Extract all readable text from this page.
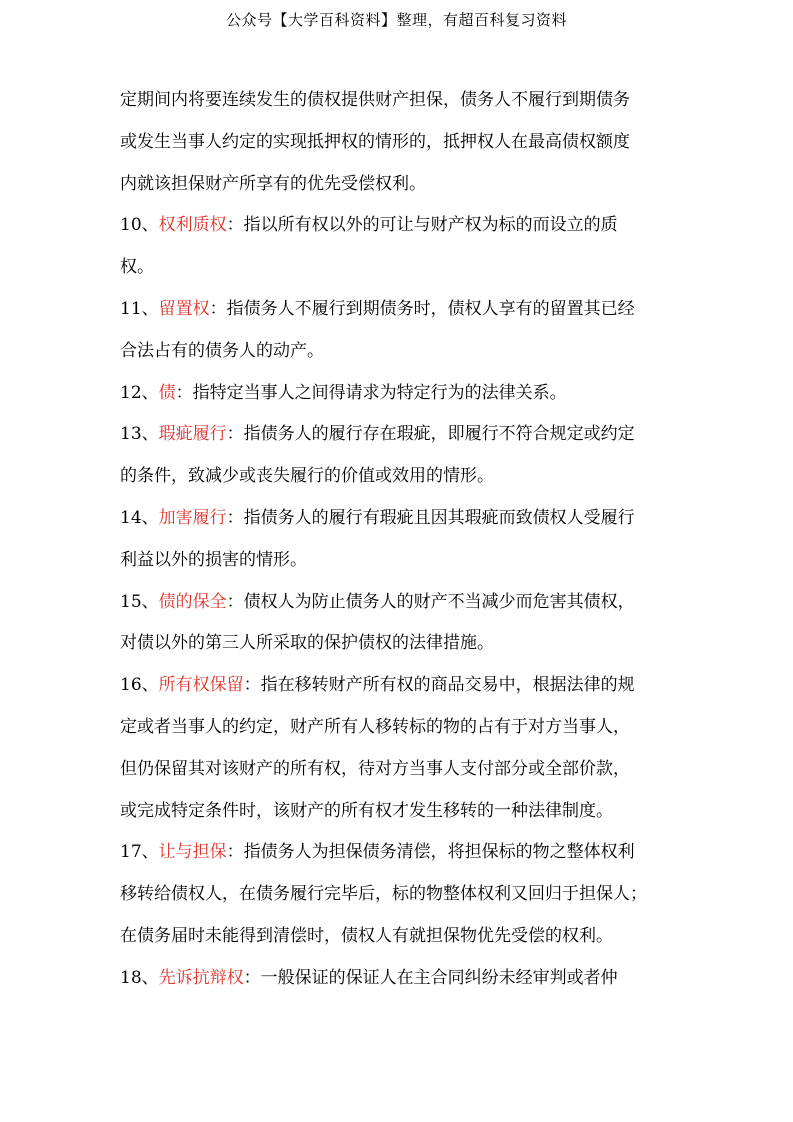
公众号【大学百科资料】整理，有超百科复习资料
定期间内将要连续发生的债权提供财产担保，债务人不履行到期债务
或发生当事人约定的实现抵押权的情形的，抵押权人在最高债权额度
内就该担保财产所享有的优先受偿权利。
10、权利质权：指以所有权以外的可让与财产权为标的而设立的质
权。
11、留置权：指债务人不履行到期债务时，债权人享有的留置其已经
合法占有的债务人的动产。
12、债：指特定当事人之间得请求为特定行为的法律关系。
13、瑕疵履行：指债务人的履行存在瑕疵，即履行不符合规定或约定
的条件，致减少或丧失履行的价值或效用的情形。
14、加害履行：指债务人的履行有瑕疵且因其瑕疵而致债权人受履行
利益以外的损害的情形。
15、债的保全：债权人为防止债务人的财产不当减少而危害其债权，
对债以外的第三人所采取的保护债权的法律措施。
16、所有权保留：指在移转财产所有权的商品交易中，根据法律的规
定或者当事人的约定，财产所有人移转标的物的占有于对方当事人，
但仍保留其对该财产的所有权，待对方当事人支付部分或全部价款，
或完成特定条件时，该财产的所有权才发生移转的一种法律制度。
17、让与担保：指债务人为担保债务清偿，将担保标的物之整体权利
移转给债权人，在债务履行完毕后，标的物整体权利又回归于担保人；
在债务届时未能得到清偿时，债权人有就担保物优先受偿的权利。
18、先诉抗辩权：一般保证的保证人在主合同纠纷未经审判或者仲
